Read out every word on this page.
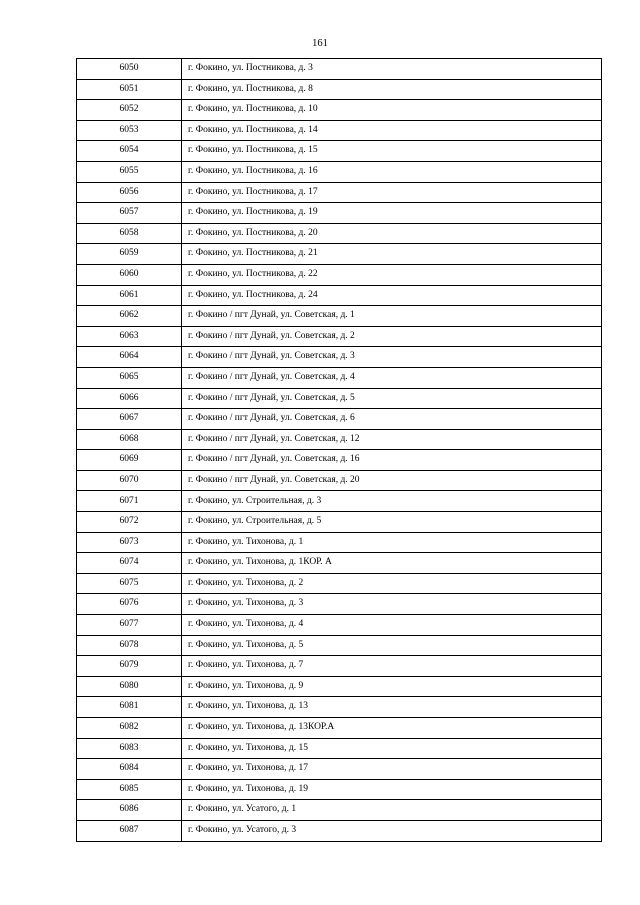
161
6050	г. Фокино, ул. Постникова, д. 3
6051	г. Фокино, ул. Постникова, д. 8
6052	г. Фокино, ул. Постникова, д. 10
6053	г. Фокино, ул. Постникова, д. 14
6054	г. Фокино, ул. Постникова, д. 15
6055	г. Фокино, ул. Постникова, д. 16
6056	г. Фокино, ул. Постникова, д. 17
6057	г. Фокино, ул. Постникова, д. 19
6058	г. Фокино, ул. Постникова, д. 20
6059	г. Фокино, ул. Постникова, д. 21
6060	г. Фокино, ул. Постникова, д. 22
6061	г. Фокино, ул. Постникова, д. 24
6062	г. Фокино / пгт Дунай, ул. Советская, д. 1
6063	г. Фокино / пгт Дунай, ул. Советская, д. 2
6064	г. Фокино / пгт Дунай, ул. Советская, д. 3
6065	г. Фокино / пгт Дунай, ул. Советская, д. 4
6066	г. Фокино / пгт Дунай, ул. Советская, д. 5
6067	г. Фокино / пгт Дунай, ул. Советская, д. 6
6068	г. Фокино / пгт Дунай, ул. Советская, д. 12
6069	г. Фокино / пгт Дунай, ул. Советская, д. 16
6070	г. Фокино / пгт Дунай, ул. Советская, д. 20
6071	г. Фокино, ул. Строительная, д. 3
6072	г. Фокино, ул. Строительная, д. 5
6073	г. Фокино, ул. Тихонова, д. 1
6074	г. Фокино, ул. Тихонова, д. 1КОР. А
6075	г. Фокино, ул. Тихонова, д. 2
6076	г. Фокино, ул. Тихонова, д. 3
6077	г. Фокино, ул. Тихонова, д. 4
6078	г. Фокино, ул. Тихонова, д. 5
6079	г. Фокино, ул. Тихонова, д. 7
6080	г. Фокино, ул. Тихонова, д. 9
6081	г. Фокино, ул. Тихонова, д. 13
6082	г. Фокино, ул. Тихонова, д. 13КОР.А
6083	г. Фокино, ул. Тихонова, д. 15
6084	г. Фокино, ул. Тихонова, д. 17
6085	г. Фокино, ул. Тихонова, д. 19
6086	г. Фокино, ул. Усатого, д. 1
6087	г. Фокино, ул. Усатого, д. 3
